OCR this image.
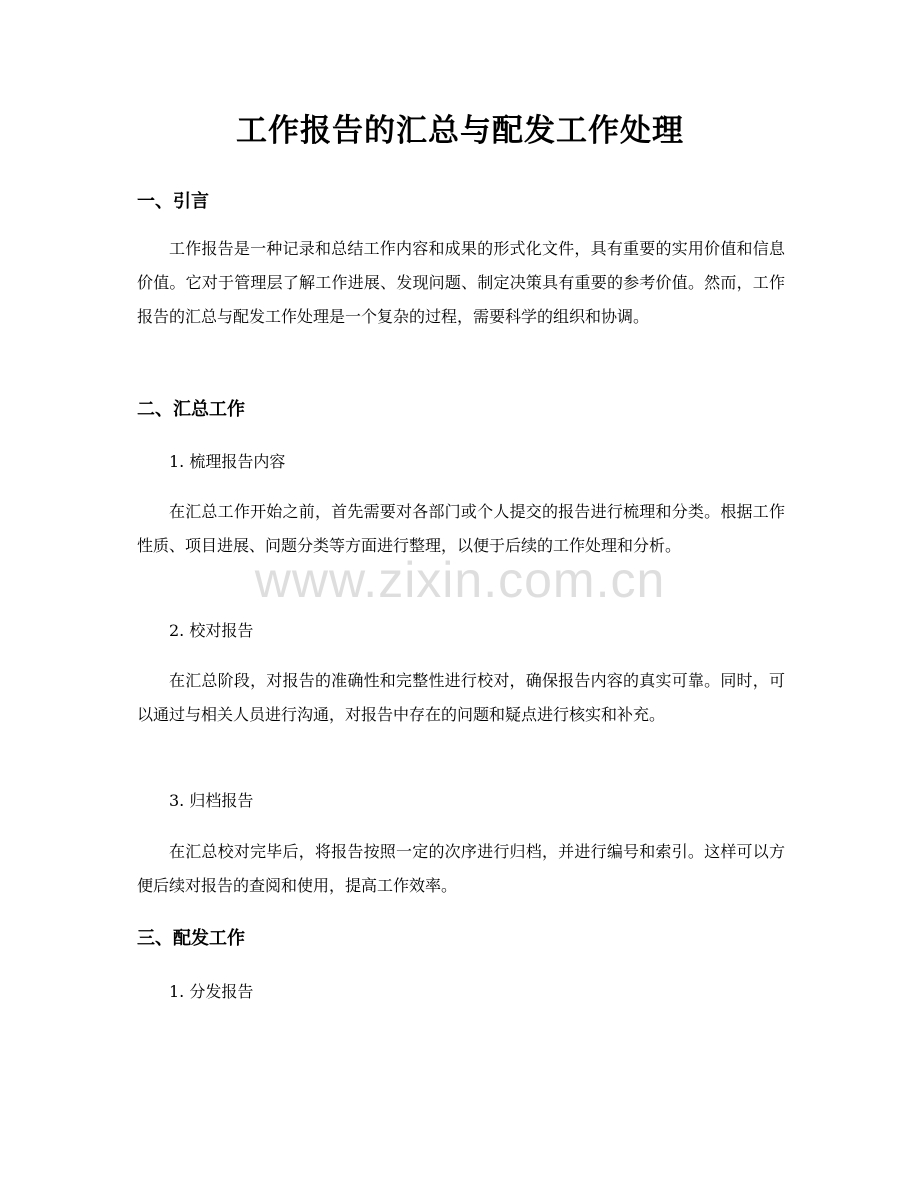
工作报告的汇总与配发工作处理
一、引言

工作报告是一种记录和总结工作内容和成果的形式化文件，具有重要的实用价值和信息价值。它对于管理层了解工作进展、发现问题、制定决策具有重要的参考价值。然而，工作报告的汇总与配发工作处理是一个复杂的过程，需要科学的组织和协调。

二、汇总工作

1. 梳理报告内容

在汇总工作开始之前，首先需要对各部门或个人提交的报告进行梳理和分类。根据工作性质、项目进展、问题分类等方面进行整理，以便于后续的工作处理和分析。

2. 校对报告

在汇总阶段，对报告的准确性和完整性进行校对，确保报告内容的真实可靠。同时，可以通过与相关人员进行沟通，对报告中存在的问题和疑点进行核实和补充。

3. 归档报告

在汇总校对完毕后，将报告按照一定的次序进行归档，并进行编号和索引。这样可以方便后续对报告的查阅和使用，提高工作效率。

三、配发工作

1. 分发报告

www.zixin.com.cn
